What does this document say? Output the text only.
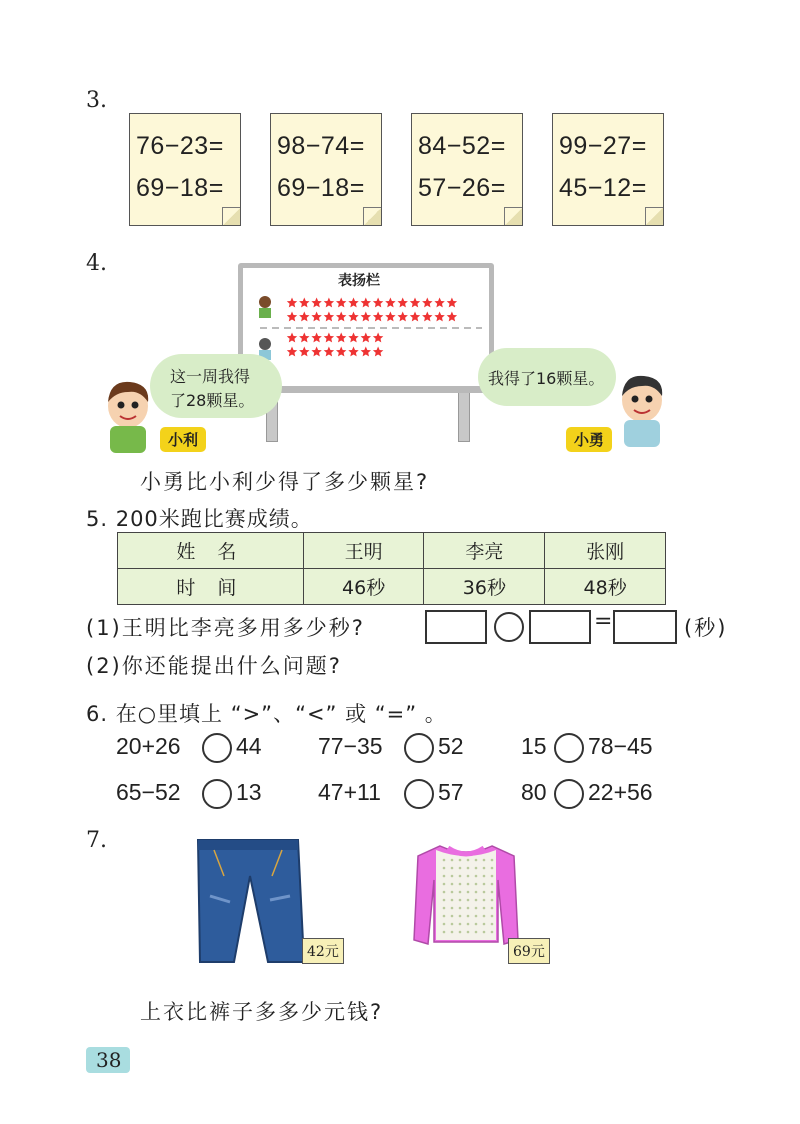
3.
76−23=
69−18=
98−74=
69−18=
84−52=
57−26=
99−27=
45−12=
4.
表扬栏
这一周我得
了28颗星。
小利
我得了16颗星。
小勇
小勇比小利少得了多少颗星?
5. 200米跑比赛成绩。
姓 名	王明	李亮	张刚
时 间	46秒	36秒	48秒
(1)王明比李亮多用多少秒?	=	(秒)
(2)你还能提出什么问题?
6. 在○里填上 “>”、“<” 或 “=” 。
20+26 44 77−35 52 15 78−45
65−52 13 47+11 57 80 22+56
7.
42元	69元
上衣比裤子多多少元钱?
38
